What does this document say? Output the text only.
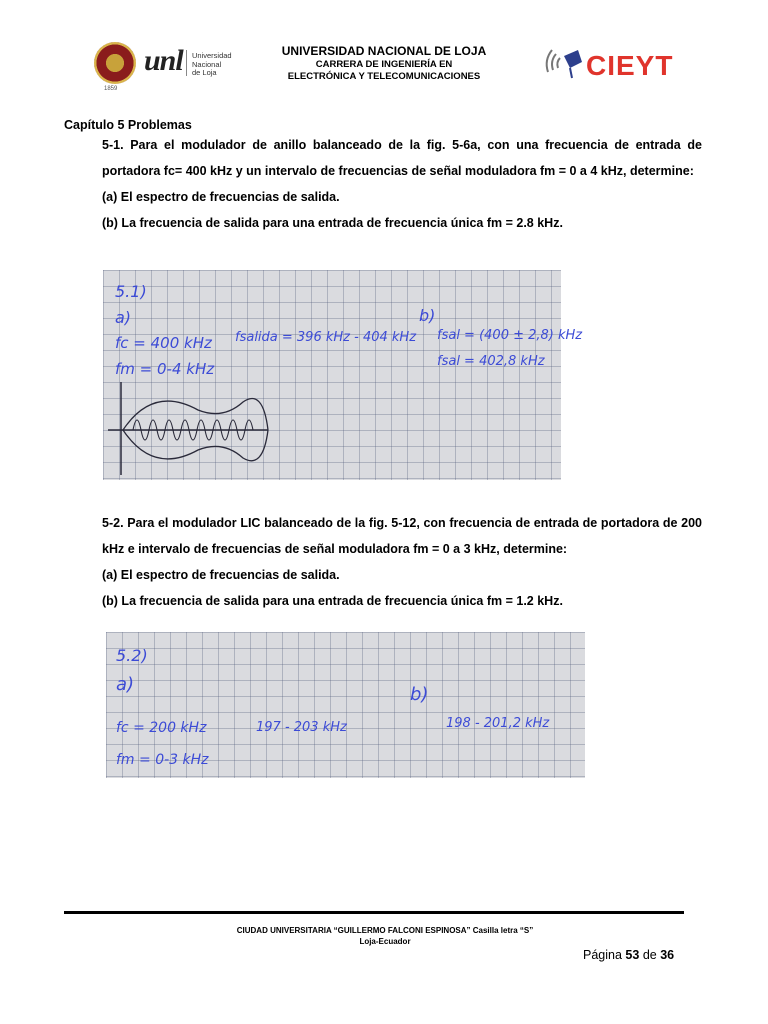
1859
unl Universidad
Nacional
de Loja
UNIVERSIDAD NACIONAL DE LOJA
CARRERA DE INGENIERÍA EN
ELECTRÓNICA Y TELECOMUNICACIONES	CIEYT
Capítulo 5 Problemas

5-1. Para el modulador de anillo balanceado de la fig. 5-6a, con una frecuencia de entrada de portadora fc= 400 kHz y un intervalo de frecuencias de señal moduladora fm = 0 a 4 kHz, determine:

(a) El espectro de frecuencias de salida.

(b) La frecuencia de salida para una entrada de frecuencia única fm = 2.8 kHz.

5.1)
a)
fc = 400 kHz
fm = 0-4 kHz
fsalida = 396 kHz - 404 kHz
b)
fsal = (400 ± 2,8) kHz
fsal = 402,8 kHz

5-2. Para el modulador LIC balanceado de la fig. 5-12, con frecuencia de entrada de portadora de 200 kHz e intervalo de frecuencias de señal moduladora fm = 0 a 3 kHz, determine:

(a) El espectro de frecuencias de salida.

(b) La frecuencia de salida para una entrada de frecuencia única fm = 1.2 kHz.

5.2)
a)
fc = 200 kHz	197 - 203 kHz
fm = 0-3 kHz
b)
198 - 201,2 kHz
CIUDAD UNIVERSITARIA “GUILLERMO FALCONI ESPINOSA” Casilla letra “S”
Loja-Ecuador
Página 53 de 36
